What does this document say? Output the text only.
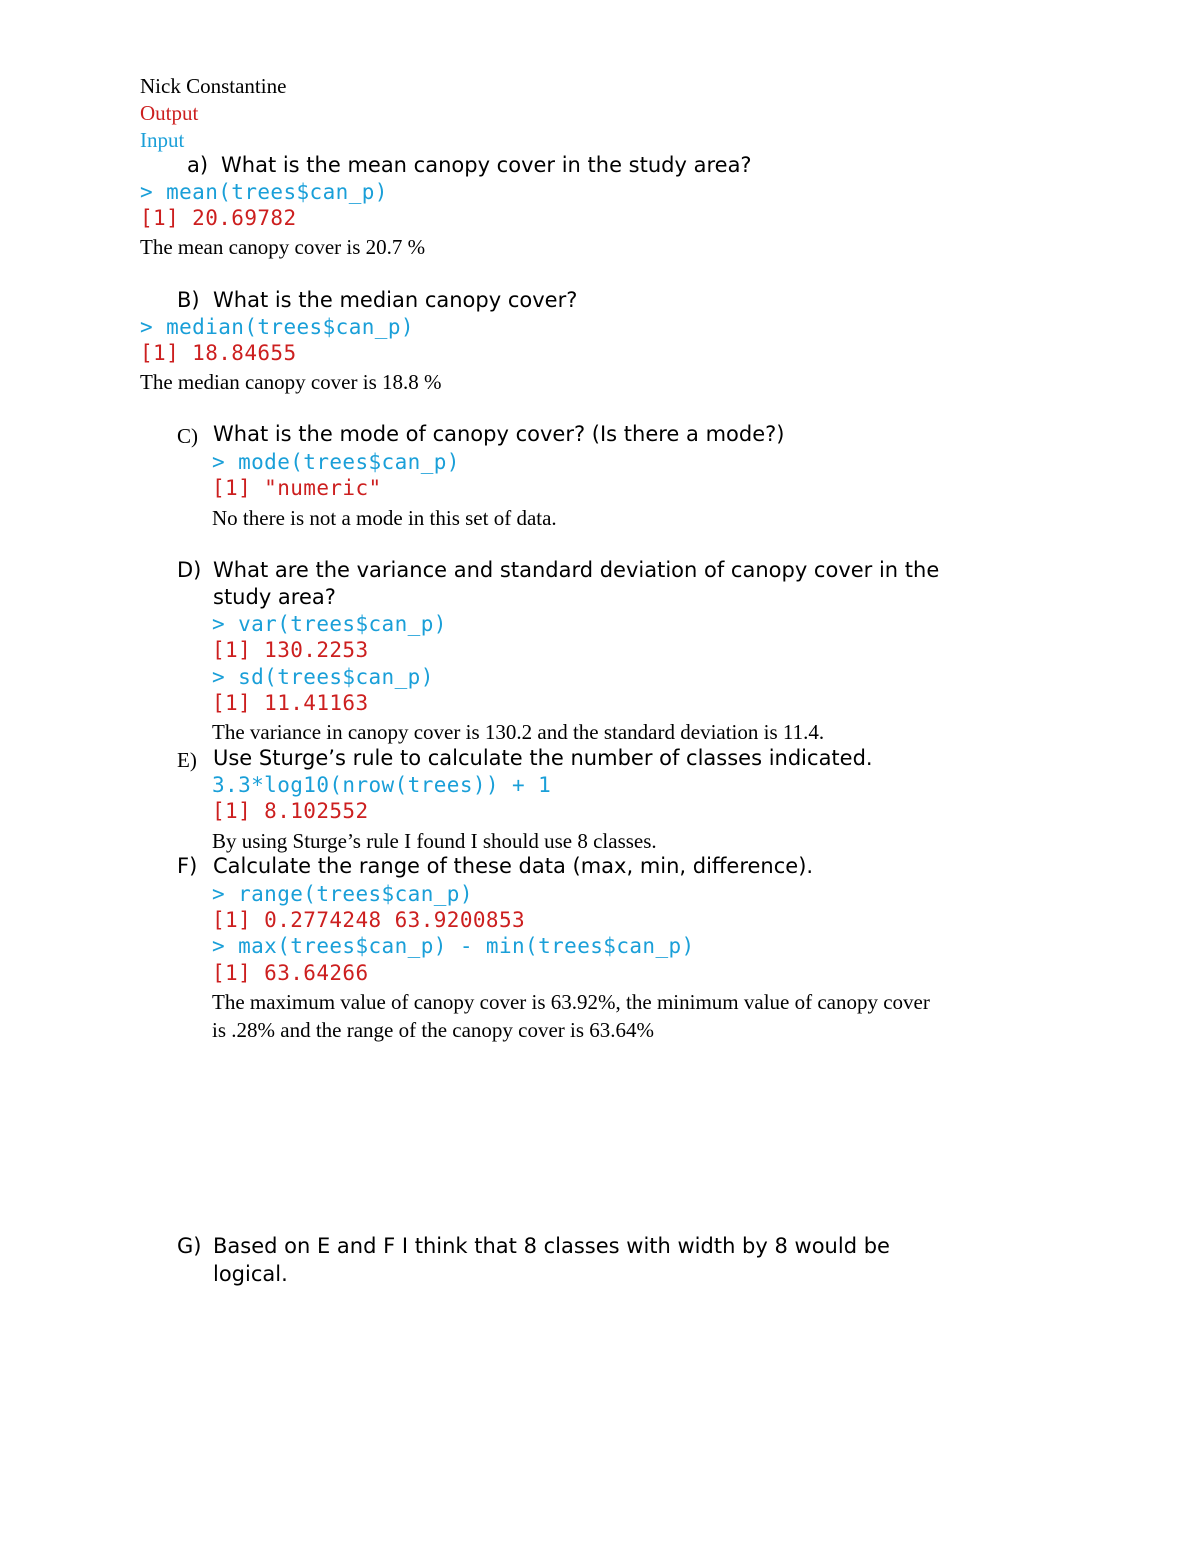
Nick Constantine
Output
Input
a) What is the mean canopy cover in the study area?
> mean(trees$can_p)
[1] 20.69782
The mean canopy cover is 20.7 %
B) What is the median canopy cover?
> median(trees$can_p)
[1] 18.84655
The median canopy cover is 18.8 %
C) What is the mode of canopy cover? (Is there a mode?)
> mode(trees$can_p)
[1] "numeric"
No there is not a mode in this set of data.
D) What are the variance and standard deviation of canopy cover in the
study area?
> var(trees$can_p)
[1] 130.2253
> sd(trees$can_p)
[1] 11.41163
The variance in canopy cover is 130.2 and the standard deviation is 11.4.
E) Use Sturge’s rule to calculate the number of classes indicated.
3.3*log10(nrow(trees)) + 1
[1] 8.102552
By using Sturge’s rule I found I should use 8 classes.
F) Calculate the range of these data (max, min, difference).
> range(trees$can_p)
[1] 0.2774248 63.9200853
> max(trees$can_p) - min(trees$can_p)
[1] 63.64266
The maximum value of canopy cover is 63.92%, the minimum value of canopy cover
is .28% and the range of the canopy cover is 63.64%
G) Based on E and F I think that 8 classes with width by 8 would be
logical.
